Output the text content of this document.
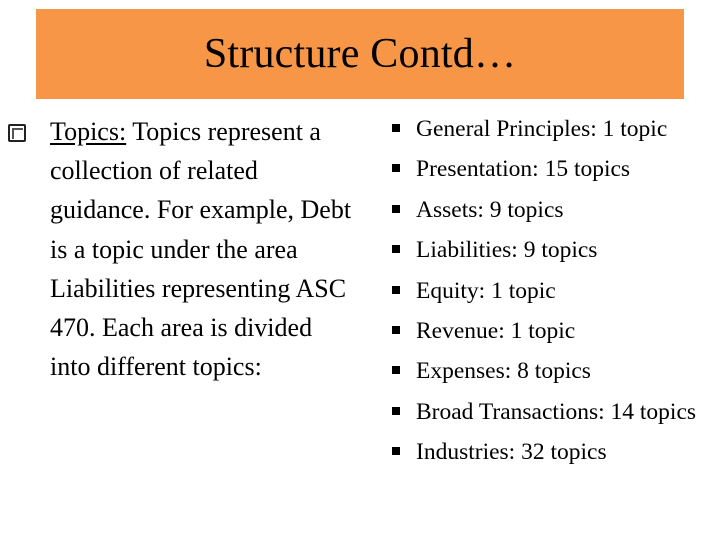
Structure Contd…
Topics: Topics represent a collection of related guidance. For example, Debt is a topic under the area Liabilities representing ASC 470. Each area is divided into different topics:
General Principles: 1 topic
Presentation: 15 topics
Assets: 9 topics
Liabilities: 9 topics
Equity: 1 topic
Revenue: 1 topic
Expenses: 8 topics
Broad Transactions: 14 topics
Industries: 32 topics
